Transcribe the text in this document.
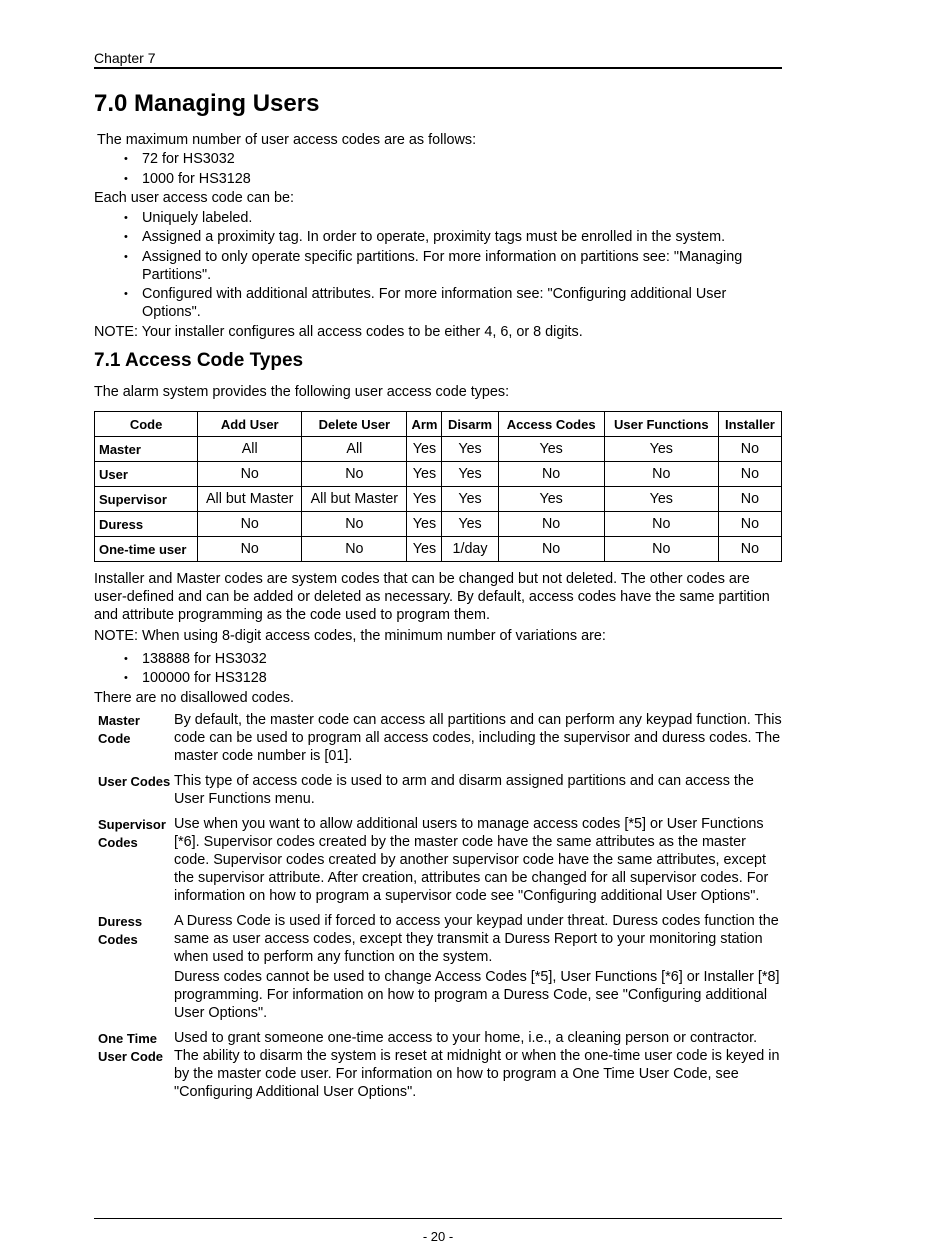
Chapter 7
7.0 Managing Users

The maximum number of user access codes are as follows:

• 72 for HS3032
• 1000 for HS3128

Each user access code can be:

• Uniquely labeled.
• Assigned a proximity tag. In order to operate, proximity tags must be enrolled in the system.
• Assigned to only operate specific partitions. For more information on partitions see: "Managing Partitions".
• Configured with additional attributes. For more information see: "Configuring additional User Options".

NOTE: Your installer configures all access codes to be either 4, 6, or 8 digits.

7.1 Access Code Types

The alarm system provides the following user access code types:

Code	Add User	Delete User	Arm	Disarm	Access Codes	User Functions	Installer
Master	All	All	Yes	Yes	Yes	Yes	No
User	No	No	Yes	Yes	No	No	No
Supervisor	All but Master	All but Master	Yes	Yes	Yes	Yes	No
Duress	No	No	Yes	Yes	No	No	No
One-time user	No	No	Yes	1/day	No	No	No

Installer and Master codes are system codes that can be changed but not deleted. The other codes are user-defined and can be added or deleted as necessary. By default, access codes have the same partition and attribute programming as the code used to program them.

NOTE: When using 8-digit access codes, the minimum number of variations are:

• 138888 for HS3032
• 100000 for HS3128

There are no disallowed codes.

Master Code

By default, the master code can access all partitions and can perform any keypad function. This code can be used to program all access codes, including the supervisor and duress codes. The master code number is [01].

User Codes This type of access code is used to arm and disarm assigned partitions and can access the User Functions menu.

Supervisor Codes

Use when you want to allow additional users to manage access codes [*5] or User Functions [*6]. Supervisor codes created by the master code have the same attributes as the master code. Supervisor codes created by another supervisor code have the same attributes, except the supervisor attribute. After creation, attributes can be changed for all supervisor codes. For information on how to program a supervisor code see "Configuring additional User Options".

Duress Codes

A Duress Code is used if forced to access your keypad under threat. Duress codes function the same as user access codes, except they transmit a Duress Report to your monitoring station when used to perform any function on the system.

Duress codes cannot be used to change Access Codes [*5], User Functions [*6] or Installer [*8] programming. For information on how to program a Duress Code, see "Configuring additional User Options".

One Time User Code

Used to grant someone one-time access to your home, i.e., a cleaning person or contractor. The ability to disarm the system is reset at midnight or when the one-time user code is keyed in by the master code user. For information on how to program a One Time User Code, see "Configuring Additional User Options".

- 20 -
